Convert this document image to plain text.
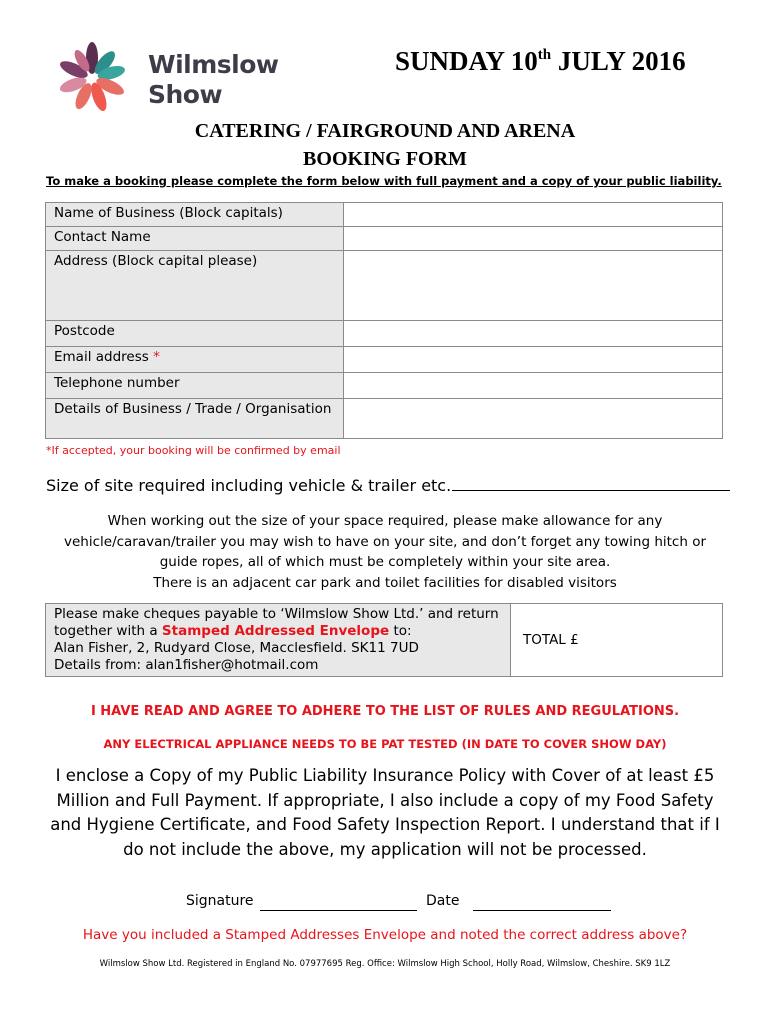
Wilmslow
Show
SUNDAY 10th JULY 2016
CATERING / FAIRGROUND AND ARENA
BOOKING FORM
To make a booking please complete the form below with full payment and a copy of your public liability.
Name of Business (Block capitals)	
Contact Name	
Address (Block capital please)	
Postcode	
Email address *	
Telephone number	
Details of Business / Trade / Organisation	
*If accepted, your booking will be confirmed by email
Size of site required including vehicle & trailer etc.
When working out the size of your space required, please make allowance for any
vehicle/caravan/trailer you may wish to have on your site, and don’t forget any towing hitch or
guide ropes, all of which must be completely within your site area.
There is an adjacent car park and toilet facilities for disabled visitors
Please make cheques payable to ‘Wilmslow Show Ltd.’ and return
together with a Stamped Addressed Envelope to:
Alan Fisher, 2, Rudyard Close, Macclesfield. SK11 7UD
Details from: alan1fisher@hotmail.com
	TOTAL £
I HAVE READ AND AGREE TO ADHERE TO THE LIST OF RULES AND REGULATIONS.
ANY ELECTRICAL APPLIANCE NEEDS TO BE PAT TESTED (IN DATE TO COVER SHOW DAY)
I enclose a Copy of my Public Liability Insurance Policy with Cover of at least £5 Million and Full Payment. If appropriate, I also include a copy of my Food Safety and Hygiene Certificate, and Food Safety Inspection Report. I understand that if I do not include the above, my application will not be processed.
Signature	Date
Have you included a Stamped Addresses Envelope and noted the correct address above?
Wilmslow Show Ltd. Registered in England No. 07977695 Reg. Office: Wilmslow High School, Holly Road, Wilmslow, Cheshire. SK9 1LZ
